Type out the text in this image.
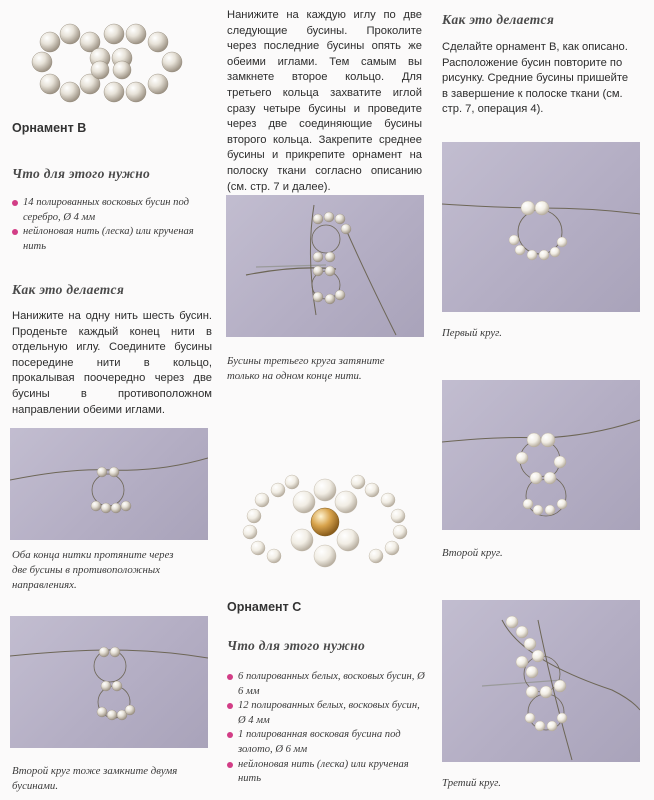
Орнамент В
Что для этого нужно
14 полированных восковых бусин под серебро, Ø 4 мм
нейлоновая нить (леска) или крученая нить
Как это делается
Нанижите на одну нить шесть бусин. Проденьте каждый конец нити в отдельную иглу. Соедините бусины посередине нити в кольцо, прокалывая поочередно через две бусины в противоположном направлении обеими иглами.
Оба конца нитки протяните через две бусины в противоположных направлениях.
Второй круг тоже замкните двумя бусинами.
Нанижите на каждую иглу по две следующие бусины. Проколите через последние бусины опять же обеими иглами. Тем самым вы замкнете второе кольцо. Для третьего кольца захватите иглой сразу четыре бусины и проведите через две соединяющие бусины второго кольца. Закрепите среднее бусины и прикрепите орнамент на полоску ткани согласно описанию (см. стр. 7 и далее).
Бусины третьего круга затяните только на одном конце нити.
Орнамент С
Что для этого нужно
6 полированных белых, восковых бусин, Ø 6 мм
12 полированных белых, восковых бусин, Ø 4 мм
1 полированная восковая бусина под золото, Ø 6 мм
нейлоновая нить (леска) или крученая нить
Как это делается
Сделайте орнамент В, как описано. Расположение бусин повторите по рисунку. Средние бусины пришейте в завершение к полоске ткани (см. стр. 7, операция 4).
Первый круг.
Второй круг.
Третий круг.
